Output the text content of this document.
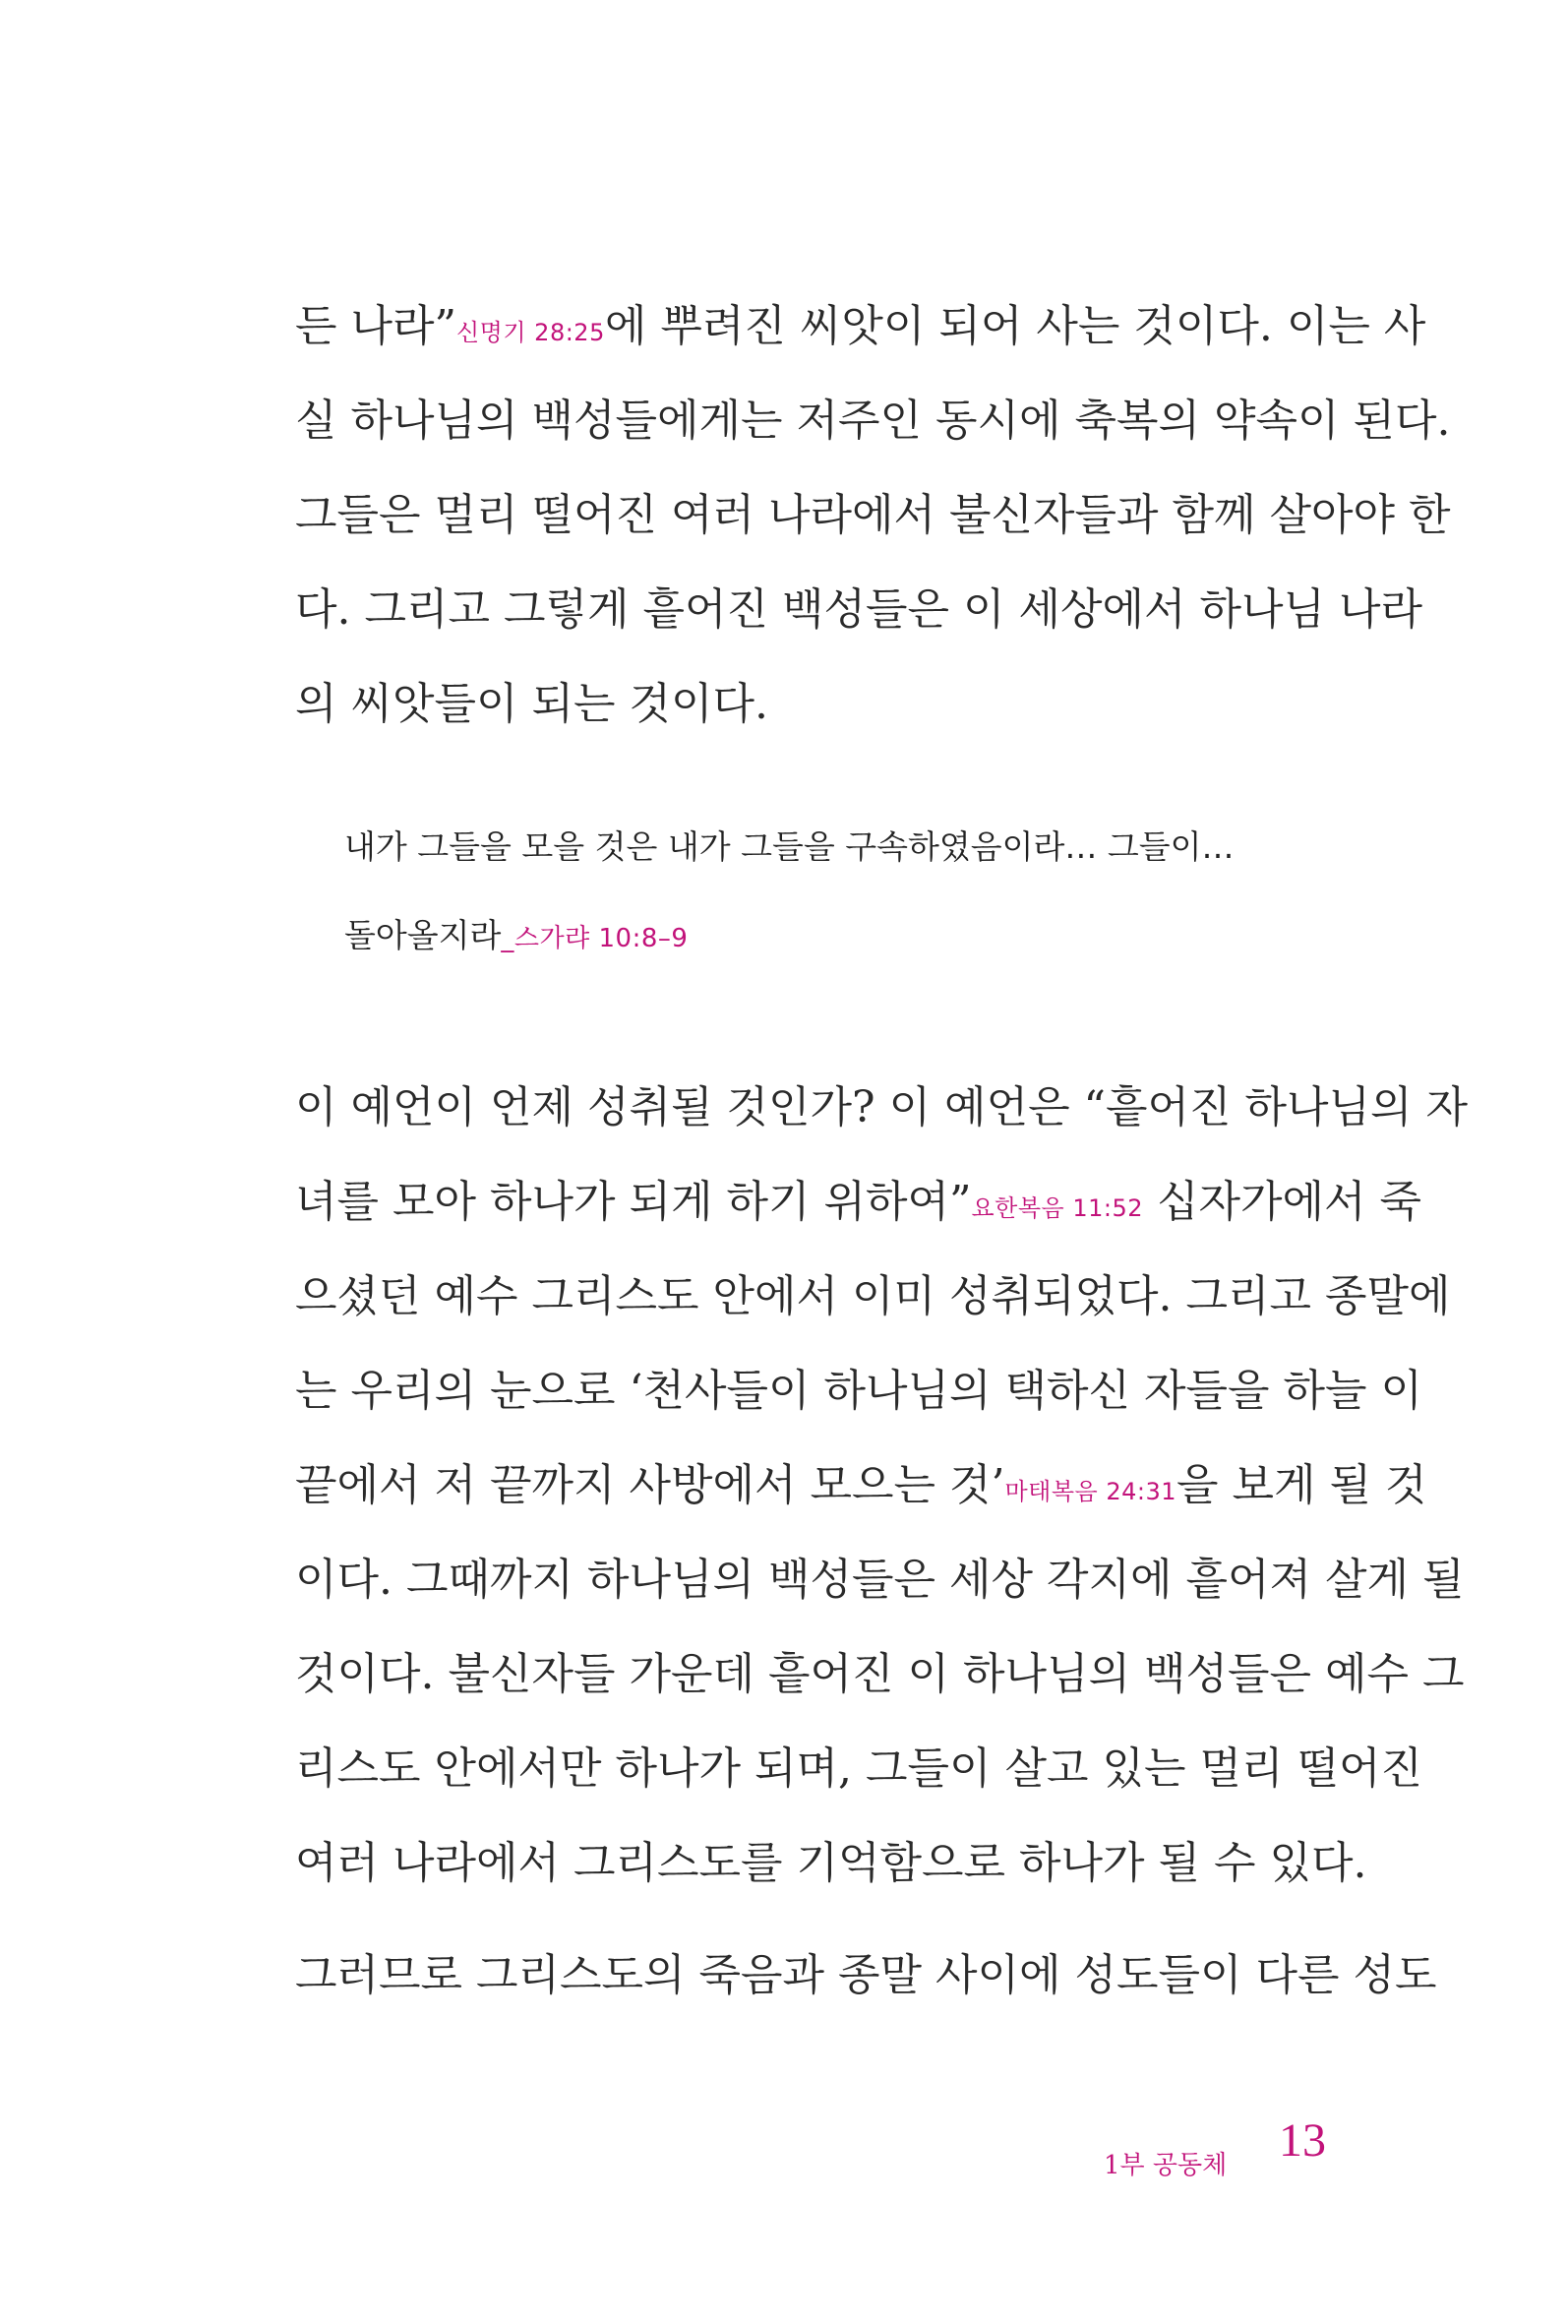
든 나라”신명기 28:25에 뿌려진 씨앗이 되어 사는 것이다. 이는 사
실 하나님의 백성들에게는 저주인 동시에 축복의 약속이 된다.
그들은 멀리 떨어진 여러 나라에서 불신자들과 함께 살아야 한
다. 그리고 그렇게 흩어진 백성들은 이 세상에서 하나님 나라
의 씨앗들이 되는 것이다.
내가 그들을 모을 것은 내가 그들을 구속하였음이라… 그들이…
돌아올지라_스가랴 10:8–9
이 예언이 언제 성취될 것인가? 이 예언은 “흩어진 하나님의 자
녀를 모아 하나가 되게 하기 위하여”요한복음 11:52 십자가에서 죽
으셨던 예수 그리스도 안에서 이미 성취되었다. 그리고 종말에
는 우리의 눈으로 ‘천사들이 하나님의 택하신 자들을 하늘 이
끝에서 저 끝까지 사방에서 모으는 것’마태복음 24:31을 보게 될 것
이다. 그때까지 하나님의 백성들은 세상 각지에 흩어져 살게 될
것이다. 불신자들 가운데 흩어진 이 하나님의 백성들은 예수 그
리스도 안에서만 하나가 되며, 그들이 살고 있는 멀리 떨어진
여러 나라에서 그리스도를 기억함으로 하나가 될 수 있다.
그러므로 그리스도의 죽음과 종말 사이에 성도들이 다른 성도
1부 공동체 13
